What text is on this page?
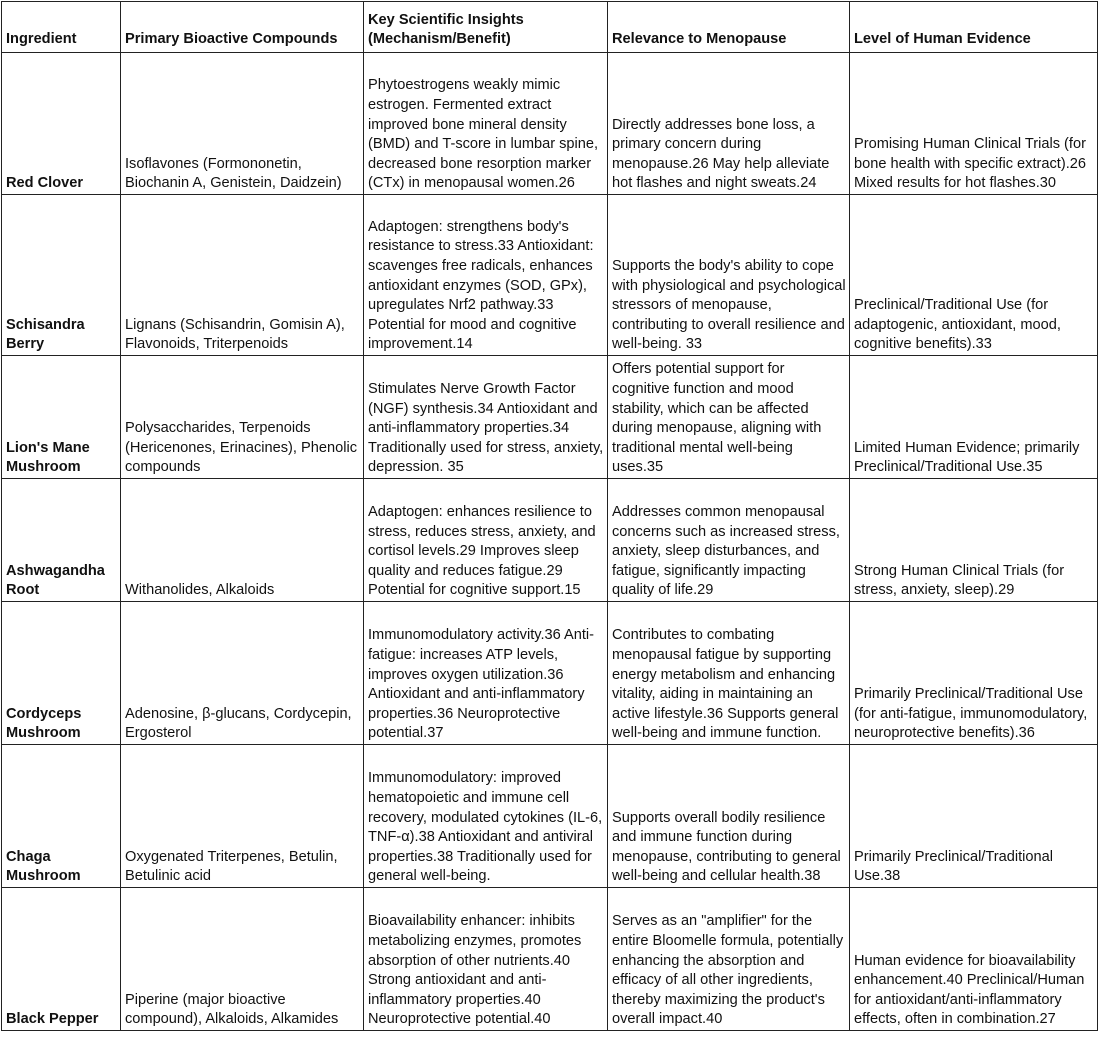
Ingredient	Primary Bioactive Compounds	Key Scientific Insights (Mechanism/Benefit)	Relevance to Menopause	Level of Human Evidence
Red Clover	Isoflavones (Formononetin, Biochanin A, Genistein, Daidzein)	Phytoestrogens weakly mimic estrogen. Fermented extract improved bone mineral density (BMD) and T-score in lumbar spine, decreased bone resorption marker (CTx) in menopausal women.26	Directly addresses bone loss, a primary concern during menopause.26 May help alleviate hot flashes and night sweats.24	Promising Human Clinical Trials (for bone health with specific extract).26 Mixed results for hot flashes.30
Schisandra Berry	Lignans (Schisandrin, Gomisin A), Flavonoids, Triterpenoids	Adaptogen: strengthens body's resistance to stress.33 Antioxidant: scavenges free radicals, enhances antioxidant enzymes (SOD, GPx), upregulates Nrf2 pathway.33 Potential for mood and cognitive improvement.14	Supports the body's ability to cope with physiological and psychological stressors of menopause, contributing to overall resilience and well-being. 33	Preclinical/Traditional Use (for adaptogenic, antioxidant, mood, cognitive benefits).33
Lion's Mane Mushroom	Polysaccharides, Terpenoids (Hericenones, Erinacines), Phenolic compounds	Stimulates Nerve Growth Factor (NGF) synthesis.34 Antioxidant and anti-inflammatory properties.34 Traditionally used for stress, anxiety, depression. 35	Offers potential support for cognitive function and mood stability, which can be affected during menopause, aligning with traditional mental well-being uses.35	Limited Human Evidence; primarily Preclinical/Traditional Use.35
Ashwagandha Root	Withanolides, Alkaloids	Adaptogen: enhances resilience to stress, reduces stress, anxiety, and cortisol levels.29 Improves sleep quality and reduces fatigue.29 Potential for cognitive support.15	Addresses common menopausal concerns such as increased stress, anxiety, sleep disturbances, and fatigue, significantly impacting quality of life.29	Strong Human Clinical Trials (for stress, anxiety, sleep).29
Cordyceps Mushroom	Adenosine, β-glucans, Cordycepin, Ergosterol	Immunomodulatory activity.36 Anti-fatigue: increases ATP levels, improves oxygen utilization.36 Antioxidant and anti-inflammatory properties.36 Neuroprotective potential.37	Contributes to combating menopausal fatigue by supporting energy metabolism and enhancing vitality, aiding in maintaining an active lifestyle.36 Supports general well-being and immune function.	Primarily Preclinical/Traditional Use (for anti-fatigue, immunomodulatory, neuroprotective benefits).36
Chaga Mushroom	Oxygenated Triterpenes, Betulin, Betulinic acid	Immunomodulatory: improved hematopoietic and immune cell recovery, modulated cytokines (IL-6, TNF-α).38 Antioxidant and antiviral properties.38 Traditionally used for general well-being.	Supports overall bodily resilience and immune function during menopause, contributing to general well-being and cellular health.38	Primarily Preclinical/Traditional Use.38
Black Pepper	Piperine (major bioactive compound), Alkaloids, Alkamides	Bioavailability enhancer: inhibits metabolizing enzymes, promotes absorption of other nutrients.40 Strong antioxidant and anti-inflammatory properties.40 Neuroprotective potential.40	Serves as an "amplifier" for the entire Bloomelle formula, potentially enhancing the absorption and efficacy of all other ingredients, thereby maximizing the product's overall impact.40	Human evidence for bioavailability enhancement.40 Preclinical/Human for antioxidant/anti-inflammatory effects, often in combination.27
